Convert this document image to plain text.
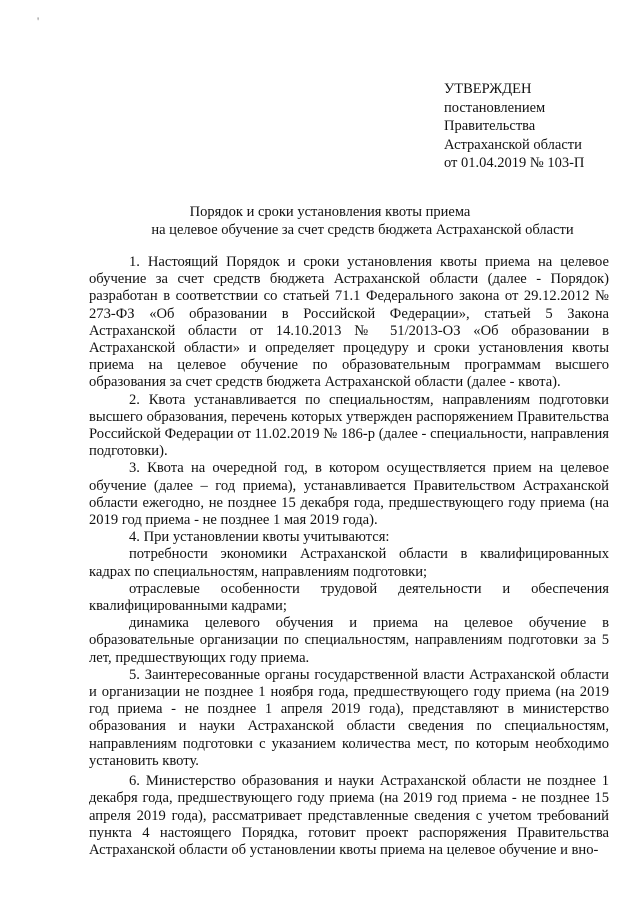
'
УТВЕРЖДЕН
постановлением
Правительства
Астраханской области
от 01.04.2019 № 103-П
Порядок и сроки установления квоты приема
на целевое обучение за счет средств бюджета Астраханской области

1. Настоящий Порядок и сроки установления квоты приема на целевое обучение за счет средств бюджета Астраханской области (далее - Порядок) разработан в соответствии со статьей 71.1 Федерального закона от 29.12.2012 № 273-ФЗ «Об образовании в Российской Федерации», статьей 5 Закона Астраханской области от 14.10.2013 № 51/2013-ОЗ «Об образовании в Астраханской области» и определяет процедуру и сроки установления квоты приема на целевое обучение по образовательным программам высшего образования за счет средств бюджета Астраханской области (далее - квота).

2. Квота устанавливается по специальностям, направлениям подготовки высшего образования, перечень которых утвержден распоряжением Правительства Российской Федерации от 11.02.2019 № 186-р (далее - специальности, направления подготовки).

3. Квота на очередной год, в котором осуществляется прием на целевое обучение (далее – год приема), устанавливается Правительством Астраханской области ежегодно, не позднее 15 декабря года, предшествующего году приема (на 2019 год приема - не позднее 1 мая 2019 года).

4. При установлении квоты учитываются:

потребности экономики Астраханской области в квалифицированных кадрах по специальностям, направлениям подготовки;

отраслевые особенности трудовой деятельности и обеспечения квалифицированными кадрами;

динамика целевого обучения и приема на целевое обучение в образовательные организации по специальностям, направлениям подготовки за 5 лет, предшествующих году приема.

5. Заинтересованные органы государственной власти Астраханской области и организации не позднее 1 ноября года, предшествующего году приема (на 2019 год приема - не позднее 1 апреля 2019 года), представляют в министерство образования и науки Астраханской области сведения по специальностям, направлениям подготовки с указанием количества мест, по которым необходимо установить квоту.

6. Министерство образования и науки Астраханской области не позднее 1 декабря года, предшествующего году приема (на 2019 год приема - не позднее 15 апреля 2019 года), рассматривает представленные сведения с учетом требований пункта 4 настоящего Порядка, готовит проект распоряжения Правительства Астраханской области об установлении квоты приема на целевое обучение и вно-
